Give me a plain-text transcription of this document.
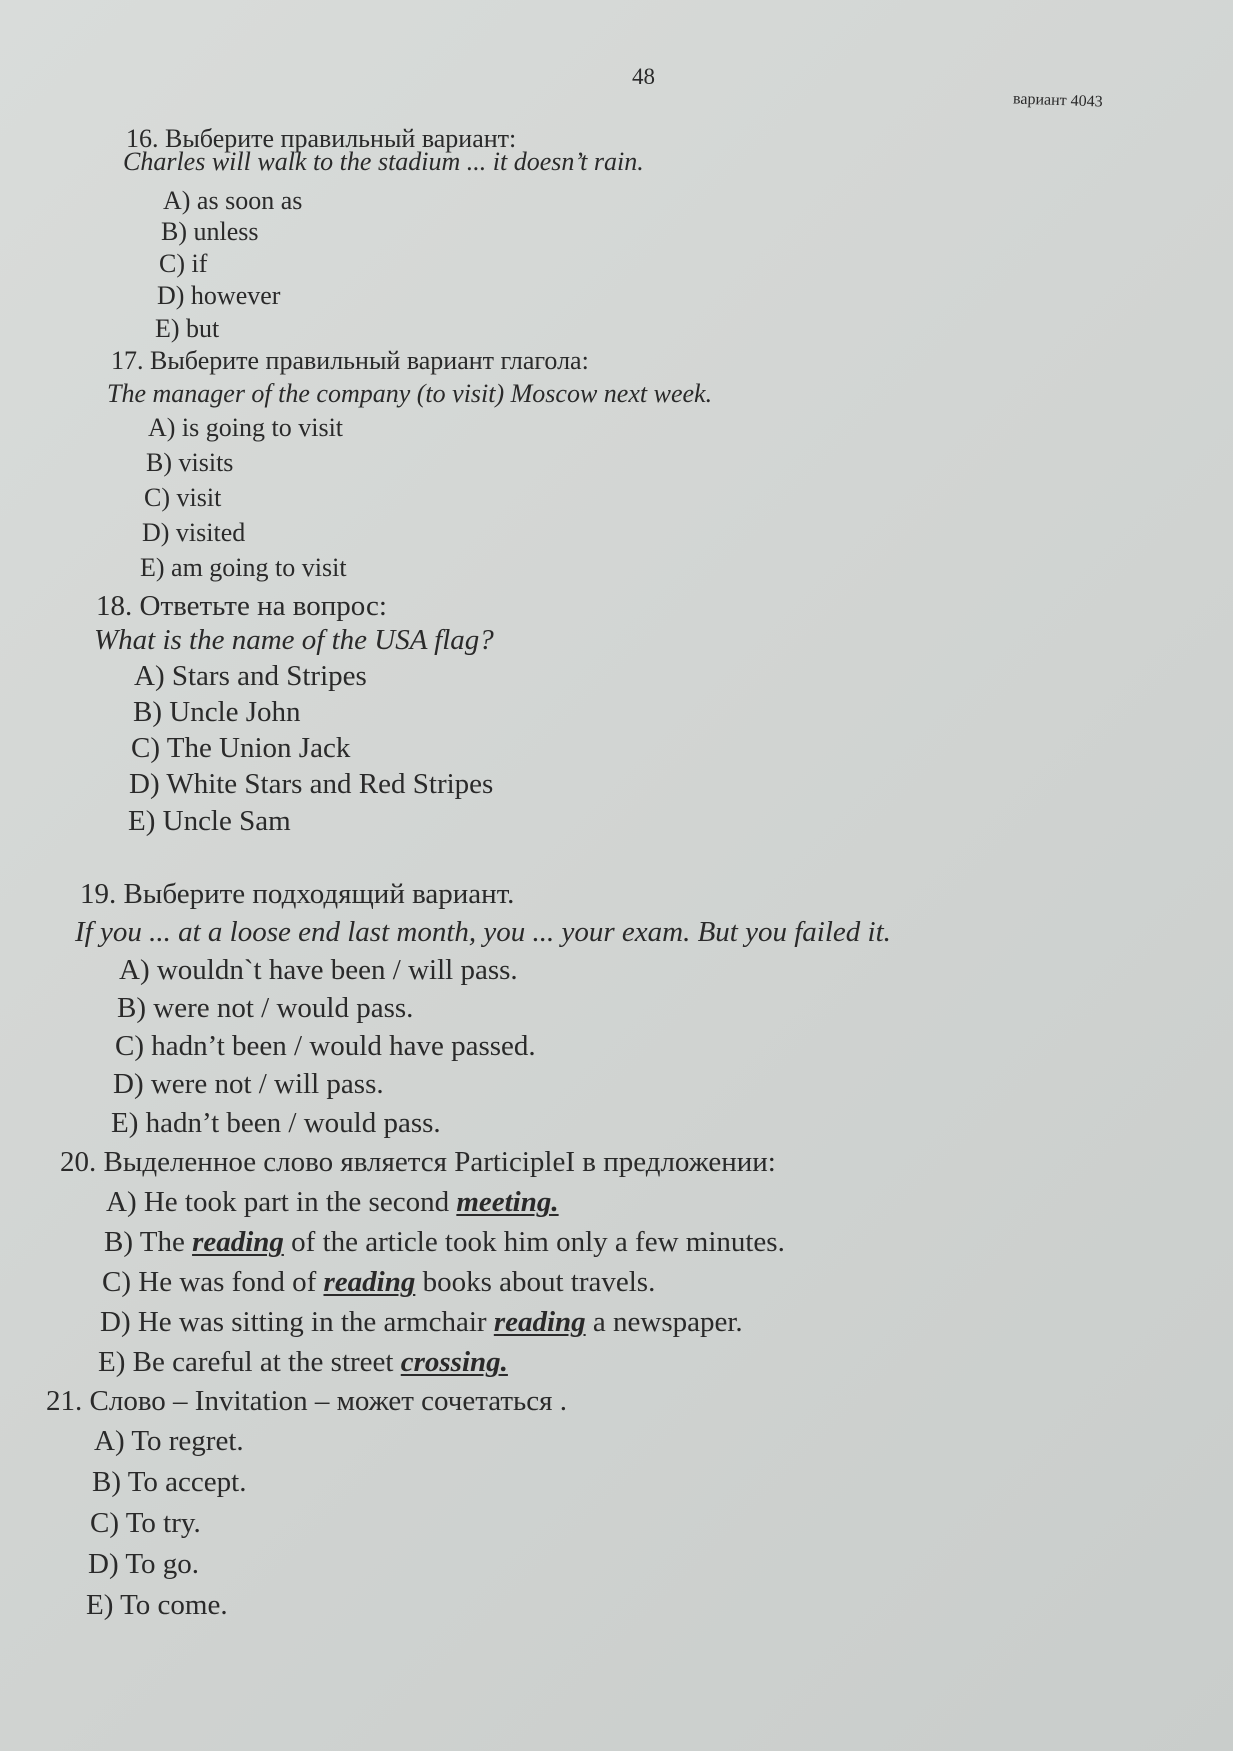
48
вариант 4043
16. Выберите правильный вариант:
Charles will walk to the stadium ... it doesn’t rain.
A) as soon as
B) unless
C) if
D) however
E) but
17. Выберите правильный вариант глагола:
The manager of the company (to visit) Moscow next week.
A) is going to visit
B) visits
C) visit
D) visited
E) am going to visit
18. Ответьте на вопрос:
What is the name of the USA flag?
A) Stars and Stripes
B) Uncle John
C) The Union Jack
D) White Stars and Red Stripes
E) Uncle Sam
19. Выберите подходящий вариант.
If you ... at a loose end last month, you ... your exam. But you failed it.
A) wouldn`t have been / will pass.
B) were not / would pass.
C) hadn’t been / would have passed.
D) were not / will pass.
E) hadn’t been / would pass.
20. Выделенное слово является ParticipleI в предложении:
A) He took part in the second meeting.
B) The reading of the article took him only a few minutes.
C) He was fond of reading books about travels.
D) He was sitting in the armchair reading a newspaper.
E) Be careful at the street crossing.
21. Слово – Invitation – может сочетаться .
A) To regret.
B) To accept.
C) To try.
D) To go.
E) To come.
